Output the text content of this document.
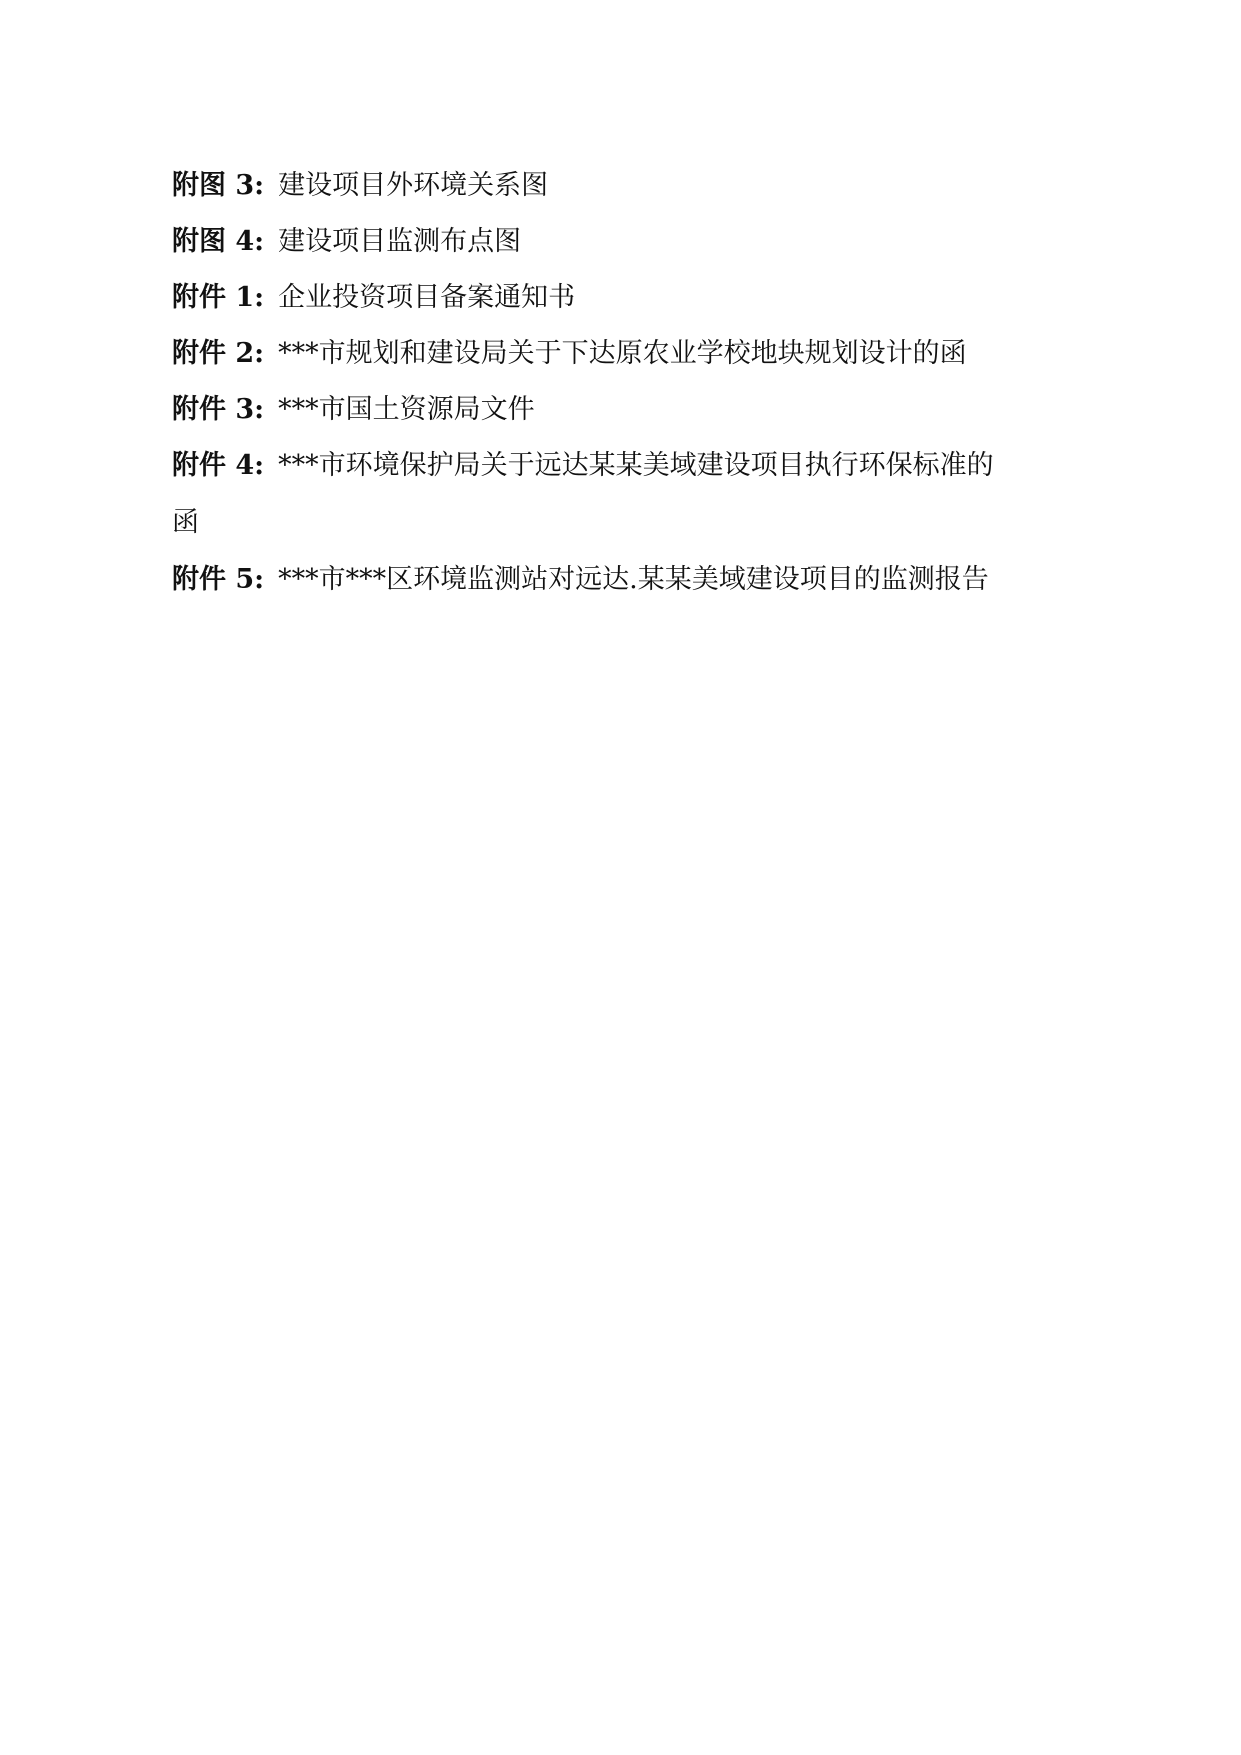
附图 3: 建设项目外环境关系图
附图 4: 建设项目监测布点图
附件 1: 企业投资项目备案通知书
附件 2: ***市规划和建设局关于下达原农业学校地块规划设计的函
附件 3: ***市国土资源局文件
附件 4: ***市环境保护局关于远达某某美域建设项目执行环保标准的
函
附件 5: ***市***区环境监测站对远达.某某美域建设项目的监测报告
